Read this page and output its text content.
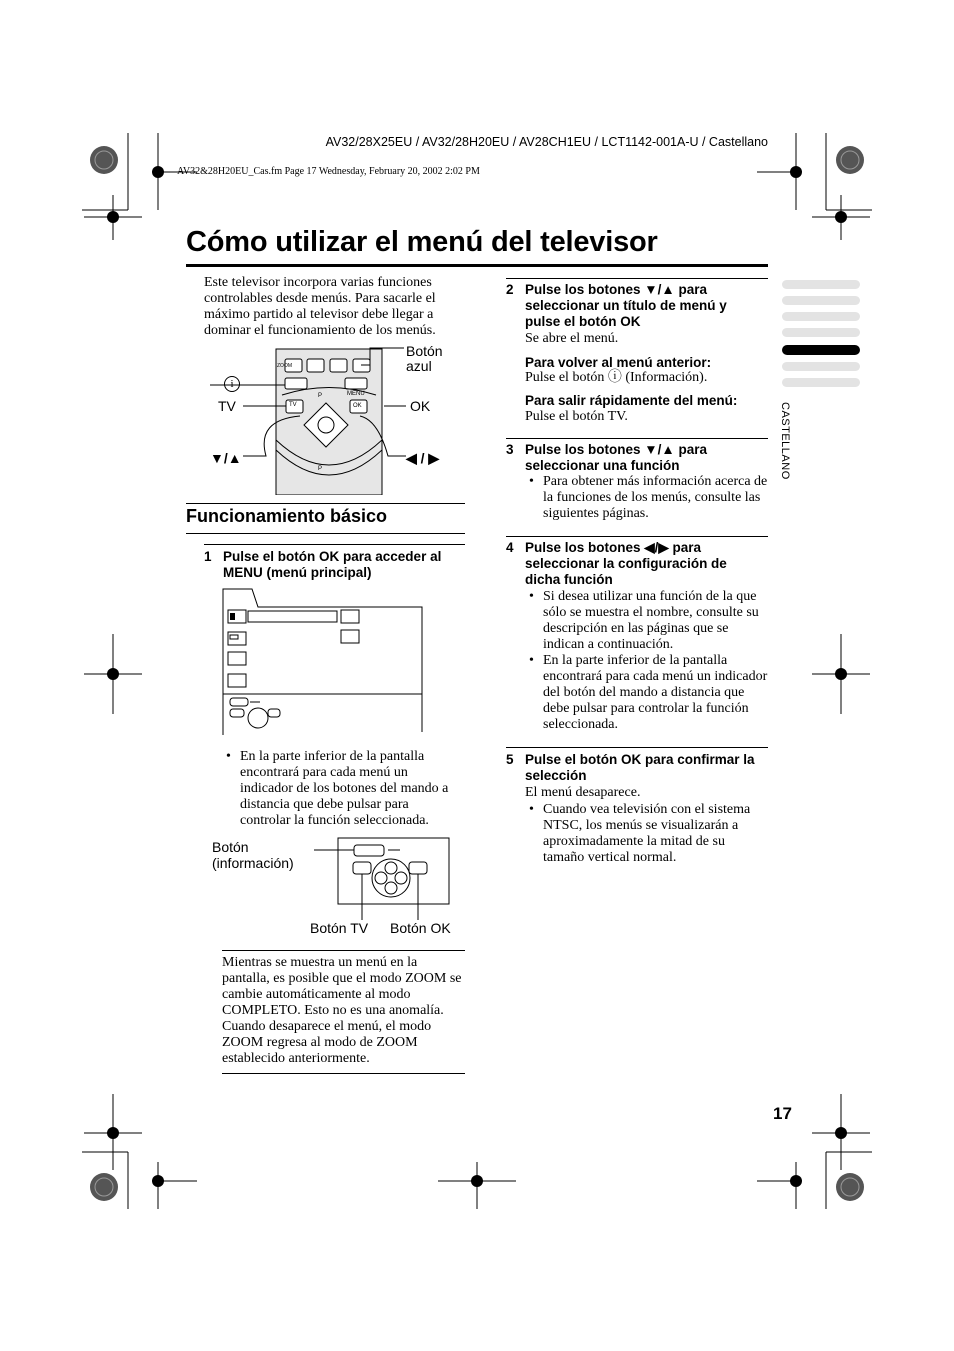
AV32/28X25EU / AV32/28H20EU / AV28CH1EU / LCT1142-001A-U / Castellano
AV32&28H20EU_Cas.fm Page 17 Wednesday, February 20, 2002 2:02 PM
Cómo utilizar el menú del televisor
Este televisor incorpora varias funciones controlables desde menús. Para sacarle el máximo partido al televisor debe llegar a dominar el funcionamiento de los menús.
ZOOM
TV
P	MENU
OK
P
i
TV
▼/▲
Botón azul
OK
◀ / ▶
Funcionamiento básico
1 Pulse el botón OK para acceder al MENU (menú principal)
• En la parte inferior de la pantalla encontrará para cada menú un indicador de los botones del mando a distancia que debe pulsar para controlar la función seleccionada.
Botón
(información)
Botón TV Botón OK
Mientras se muestra un menú en la pantalla, es posible que el modo ZOOM se cambie automáticamente al modo COMPLETO. Esto no es una anomalía. Cuando desaparece el menú, el modo ZOOM regresa al modo de ZOOM establecido anteriormente.
2 Pulse los botones ▼/▲ para seleccionar un título de menú y pulse el botón OK
Se abre el menú.
Para volver al menú anterior:
Pulse el botón ⓘ (Información).
Para salir rápidamente del menú:
Pulse el botón TV.
3 Pulse los botones ▼/▲ para seleccionar una función
• Para obtener más información acerca de la funciones de los menús, consulte las siguientes páginas.
4 Pulse los botones ◀/▶ para seleccionar la configuración de dicha función
• Si desea utilizar una función de la que sólo se muestra el nombre, consulte su descripción en las páginas que se indican a continuación.
• En la parte inferior de la pantalla encontrará para cada menú un indicador del botón del mando a distancia que debe pulsar para controlar la función seleccionada.
5 Pulse el botón OK para confirmar la selección
El menú desaparece.
• Cuando vea televisión con el sistema NTSC, los menús se visualizarán a aproximadamente la mitad de su tamaño vertical normal.
CASTELLANO
17
